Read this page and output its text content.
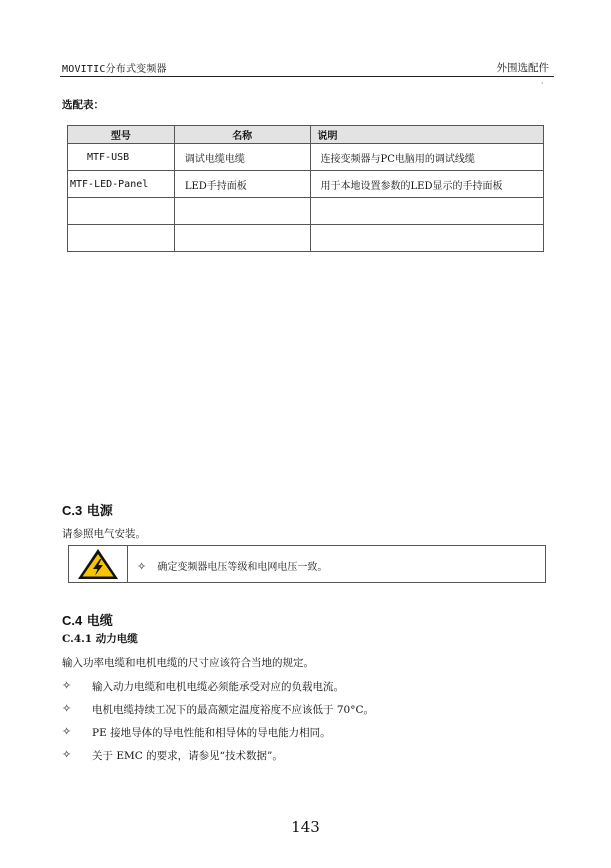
MOVITIC分布式变频器	外围选配件
·
选配表：
型号	名称	说明
MTF-USB	调试电缆电缆	连接变频器与PC电脑用的调试线缆
MTF-LED-Panel	LED手持面板	用于本地设置参数的LED显示的手持面板

C.3 电源
请参照电气安装。
✧ 确定变频器电压等级和电网电压一致。
C.4 电缆
C.4.1 动力电缆
输入功率电缆和电机电缆的尺寸应该符合当地的规定。
✧ 输入动力电缆和电机电缆必须能承受对应的负载电流。
✧ 电机电缆持续工况下的最高额定温度裕度不应该低于 70°C。
✧ PE 接地导体的导电性能和相导体的导电能力相同。
✧ 关于 EMC 的要求，请参见“技术数据”。
143
